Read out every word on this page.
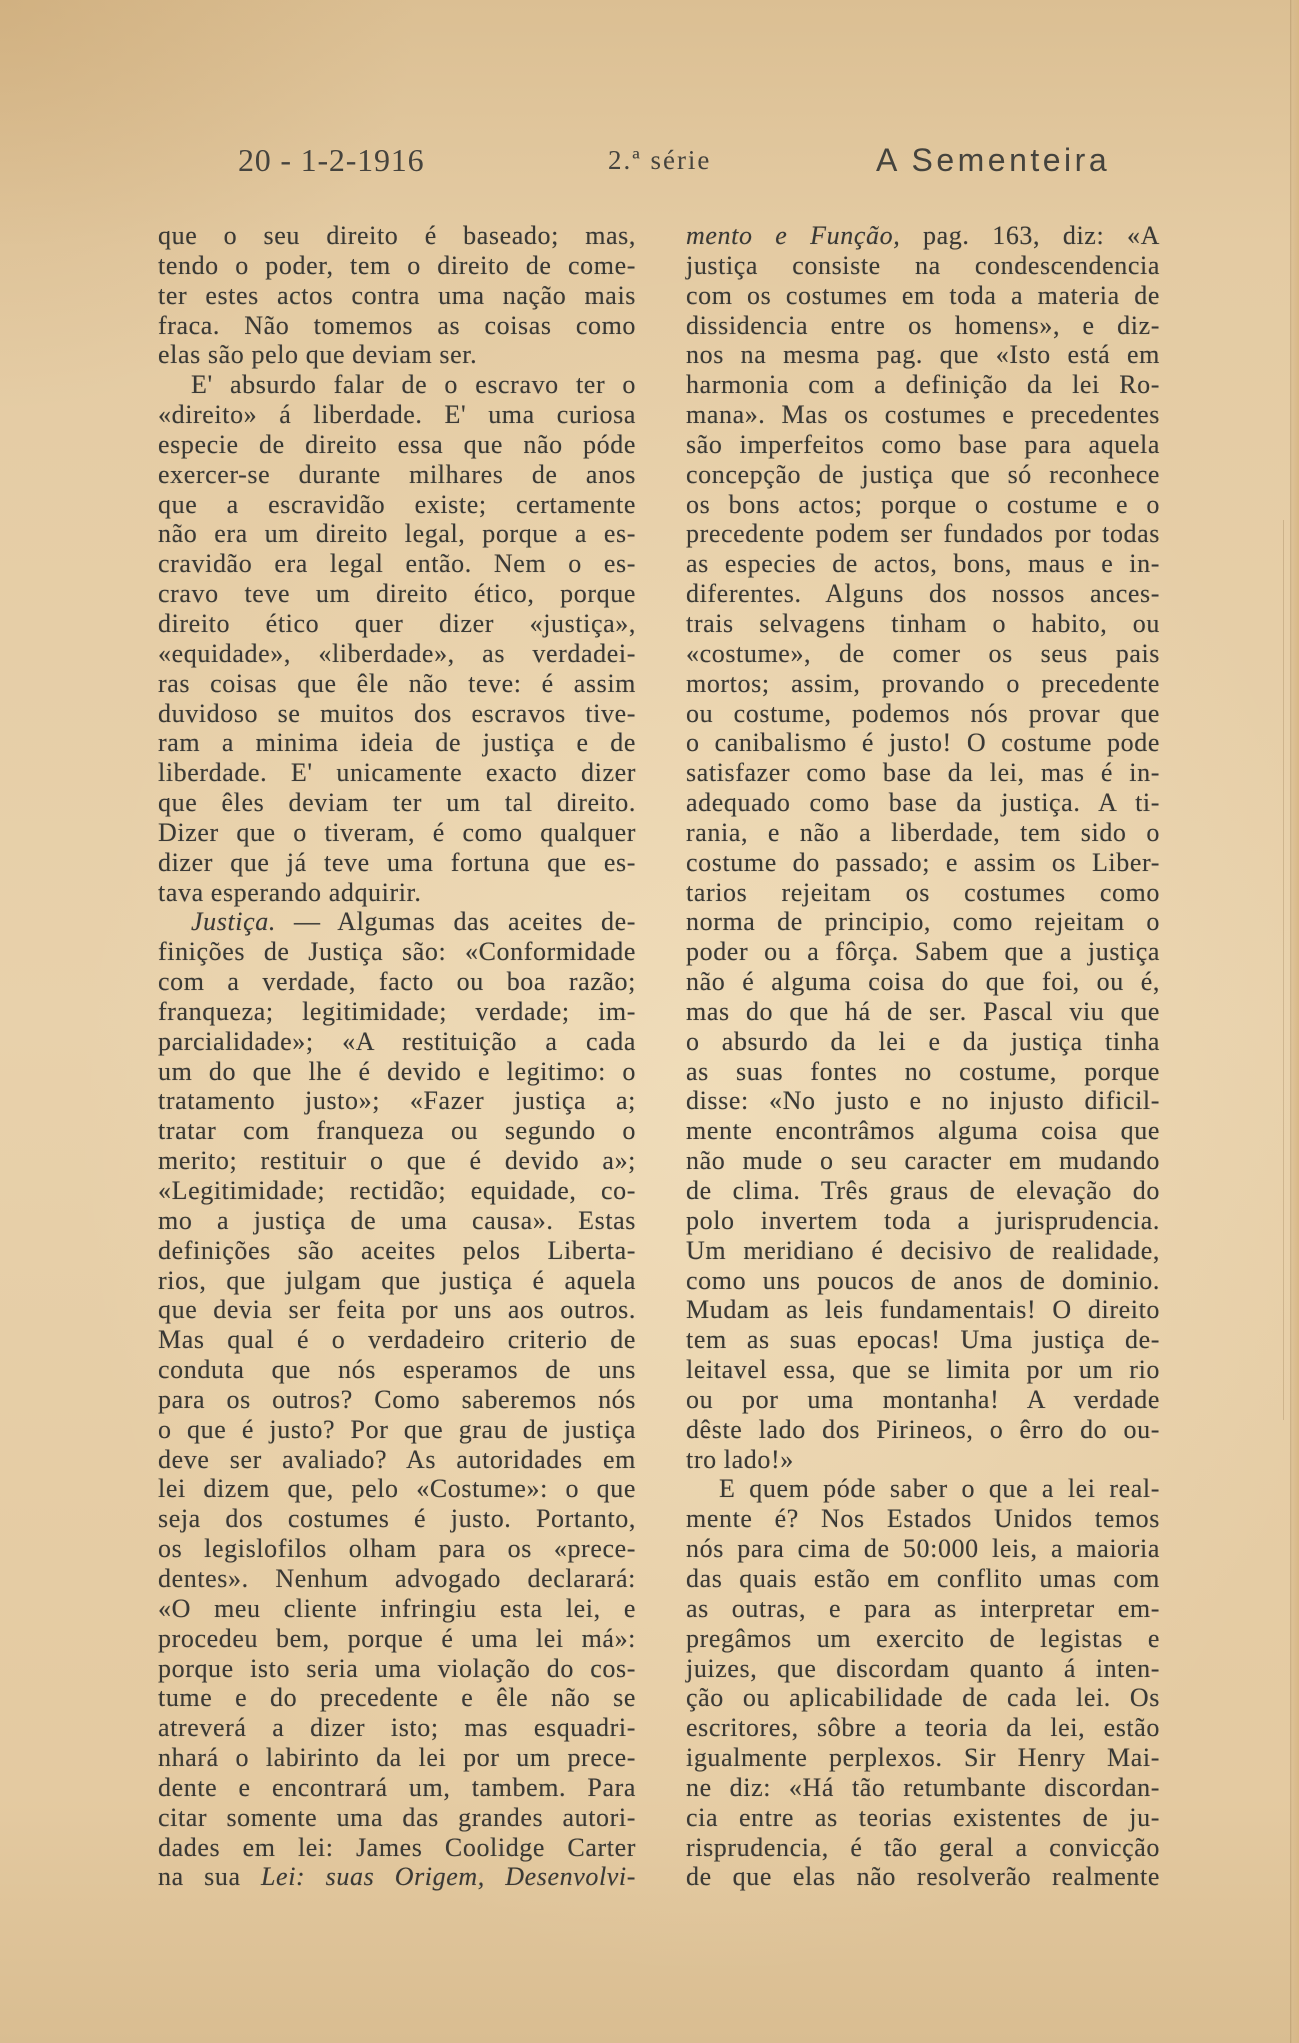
20 - 1-2-1916	2.ª série	A Sementeira
que o seu direito é baseado; mas,
tendo o poder, tem o direito de come-
ter estes actos contra uma nação mais
fraca. Não tomemos as coisas como
elas são pelo que deviam ser.
E' absurdo falar de o escravo ter o
«direito» á liberdade. E' uma curiosa
especie de direito essa que não póde
exercer-se durante milhares de anos
que a escravidão existe; certamente
não era um direito legal, porque a es-
cravidão era legal então. Nem o es-
cravo teve um direito ético, porque
direito ético quer dizer «justiça»,
«equidade», «liberdade», as verdadei-
ras coisas que êle não teve: é assim
duvidoso se muitos dos escravos tive-
ram a minima ideia de justiça e de
liberdade. E' unicamente exacto dizer
que êles deviam ter um tal direito.
Dizer que o tiveram, é como qualquer
dizer que já teve uma fortuna que es-
tava esperando adquirir.
Justiça. — Algumas das aceites de-
finições de Justiça são: «Conformidade
com a verdade, facto ou boa razão;
franqueza; legitimidade; verdade; im-
parcialidade»; «A restituição a cada
um do que lhe é devido e legitimo: o
tratamento justo»; «Fazer justiça a;
tratar com franqueza ou segundo o
merito; restituir o que é devido a»;
«Legitimidade; rectidão; equidade, co-
mo a justiça de uma causa». Estas
definições são aceites pelos Liberta-
rios, que julgam que justiça é aquela
que devia ser feita por uns aos outros.
Mas qual é o verdadeiro criterio de
conduta que nós esperamos de uns
para os outros? Como saberemos nós
o que é justo? Por que grau de justiça
deve ser avaliado? As autoridades em
lei dizem que, pelo «Costume»: o que
seja dos costumes é justo. Portanto,
os legislofilos olham para os «prece-
dentes». Nenhum advogado declarará:
«O meu cliente infringiu esta lei, e
procedeu bem, porque é uma lei má»:
porque isto seria uma violação do cos-
tume e do precedente e êle não se
atreverá a dizer isto; mas esquadri-
nhará o labirinto da lei por um prece-
dente e encontrará um, tambem. Para
citar somente uma das grandes autori-
dades em lei: James Coolidge Carter
na sua Lei: suas Origem, Desenvolvi-
mento e Função, pag. 163, diz: «A
justiça consiste na condescendencia
com os costumes em toda a materia de
dissidencia entre os homens», e diz-
nos na mesma pag. que «Isto está em
harmonia com a definição da lei Ro-
mana». Mas os costumes e precedentes
são imperfeitos como base para aquela
concepção de justiça que só reconhece
os bons actos; porque o costume e o
precedente podem ser fundados por todas
as especies de actos, bons, maus e in-
diferentes. Alguns dos nossos ances-
trais selvagens tinham o habito, ou
«costume», de comer os seus pais
mortos; assim, provando o precedente
ou costume, podemos nós provar que
o canibalismo é justo! O costume pode
satisfazer como base da lei, mas é in-
adequado como base da justiça. A ti-
rania, e não a liberdade, tem sido o
costume do passado; e assim os Liber-
tarios rejeitam os costumes como
norma de principio, como rejeitam o
poder ou a fôrça. Sabem que a justiça
não é alguma coisa do que foi, ou é,
mas do que há de ser. Pascal viu que
o absurdo da lei e da justiça tinha
as suas fontes no costume, porque
disse: «No justo e no injusto dificil-
mente encontrâmos alguma coisa que
não mude o seu caracter em mudando
de clima. Três graus de elevação do
polo invertem toda a jurisprudencia.
Um meridiano é decisivo de realidade,
como uns poucos de anos de dominio.
Mudam as leis fundamentais! O direito
tem as suas epocas! Uma justiça de-
leitavel essa, que se limita por um rio
ou por uma montanha! A verdade
dêste lado dos Pirineos, o êrro do ou-
tro lado!»
E quem póde saber o que a lei real-
mente é? Nos Estados Unidos temos
nós para cima de 50:000 leis, a maioria
das quais estão em conflito umas com
as outras, e para as interpretar em-
pregâmos um exercito de legistas e
juizes, que discordam quanto á inten-
ção ou aplicabilidade de cada lei. Os
escritores, sôbre a teoria da lei, estão
igualmente perplexos. Sir Henry Mai-
ne diz: «Há tão retumbante discordan-
cia entre as teorias existentes de ju-
risprudencia, é tão geral a convicção
de que elas não resolverão realmente
